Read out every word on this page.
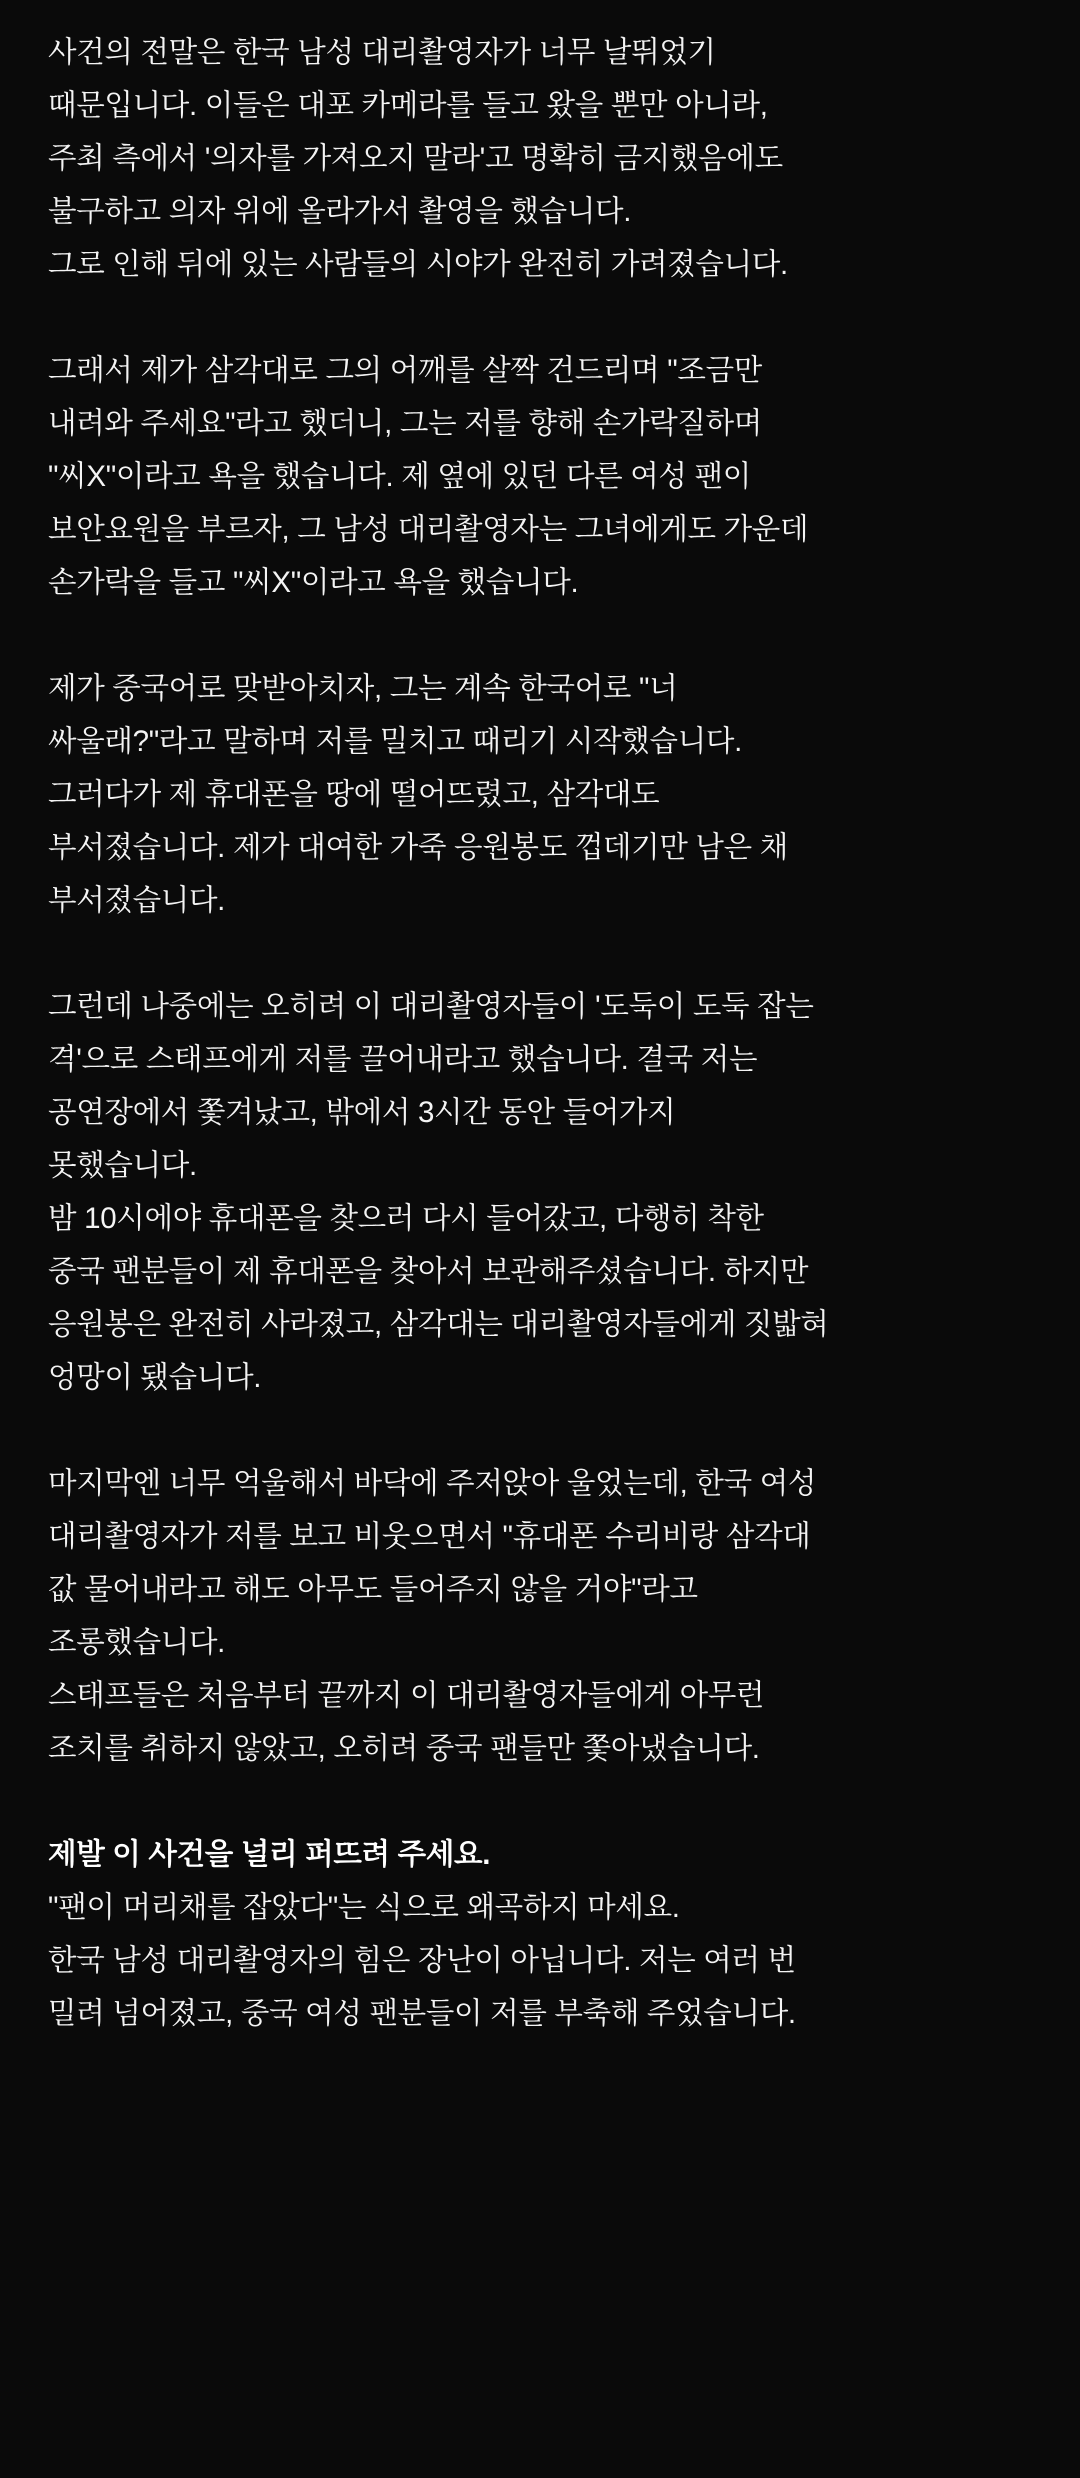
사건의 전말은 한국 남성 대리촬영자가 너무 날뛰었기
때문입니다. 이들은 대포 카메라를 들고 왔을 뿐만 아니라,
주최 측에서 '의자를 가져오지 말라'고 명확히 금지했음에도
불구하고 의자 위에 올라가서 촬영을 했습니다.
그로 인해 뒤에 있는 사람들의 시야가 완전히 가려졌습니다.
그래서 제가 삼각대로 그의 어깨를 살짝 건드리며 "조금만
내려와 주세요"라고 했더니, 그는 저를 향해 손가락질하며
"씨X"이라고 욕을 했습니다. 제 옆에 있던 다른 여성 팬이
보안요원을 부르자, 그 남성 대리촬영자는 그녀에게도 가운데
손가락을 들고 "씨X"이라고 욕을 했습니다.
제가 중국어로 맞받아치자, 그는 계속 한국어로 "너
싸울래?"라고 말하며 저를 밀치고 때리기 시작했습니다.
그러다가 제 휴대폰을 땅에 떨어뜨렸고, 삼각대도
부서졌습니다. 제가 대여한 가죽 응원봉도 껍데기만 남은 채
부서졌습니다.
그런데 나중에는 오히려 이 대리촬영자들이 '도둑이 도둑 잡는
격'으로 스태프에게 저를 끌어내라고 했습니다. 결국 저는
공연장에서 쫓겨났고, 밖에서 3시간 동안 들어가지
못했습니다.
밤 10시에야 휴대폰을 찾으러 다시 들어갔고, 다행히 착한
중국 팬분들이 제 휴대폰을 찾아서 보관해주셨습니다. 하지만
응원봉은 완전히 사라졌고, 삼각대는 대리촬영자들에게 짓밟혀
엉망이 됐습니다.
마지막엔 너무 억울해서 바닥에 주저앉아 울었는데, 한국 여성
대리촬영자가 저를 보고 비웃으면서 "휴대폰 수리비랑 삼각대
값 물어내라고 해도 아무도 들어주지 않을 거야"라고
조롱했습니다.
스태프들은 처음부터 끝까지 이 대리촬영자들에게 아무런
조치를 취하지 않았고, 오히려 중국 팬들만 쫓아냈습니다.
제발 이 사건을 널리 퍼뜨려 주세요.
"팬이 머리채를 잡았다"는 식으로 왜곡하지 마세요.
한국 남성 대리촬영자의 힘은 장난이 아닙니다. 저는 여러 번
밀려 넘어졌고, 중국 여성 팬분들이 저를 부축해 주었습니다.
